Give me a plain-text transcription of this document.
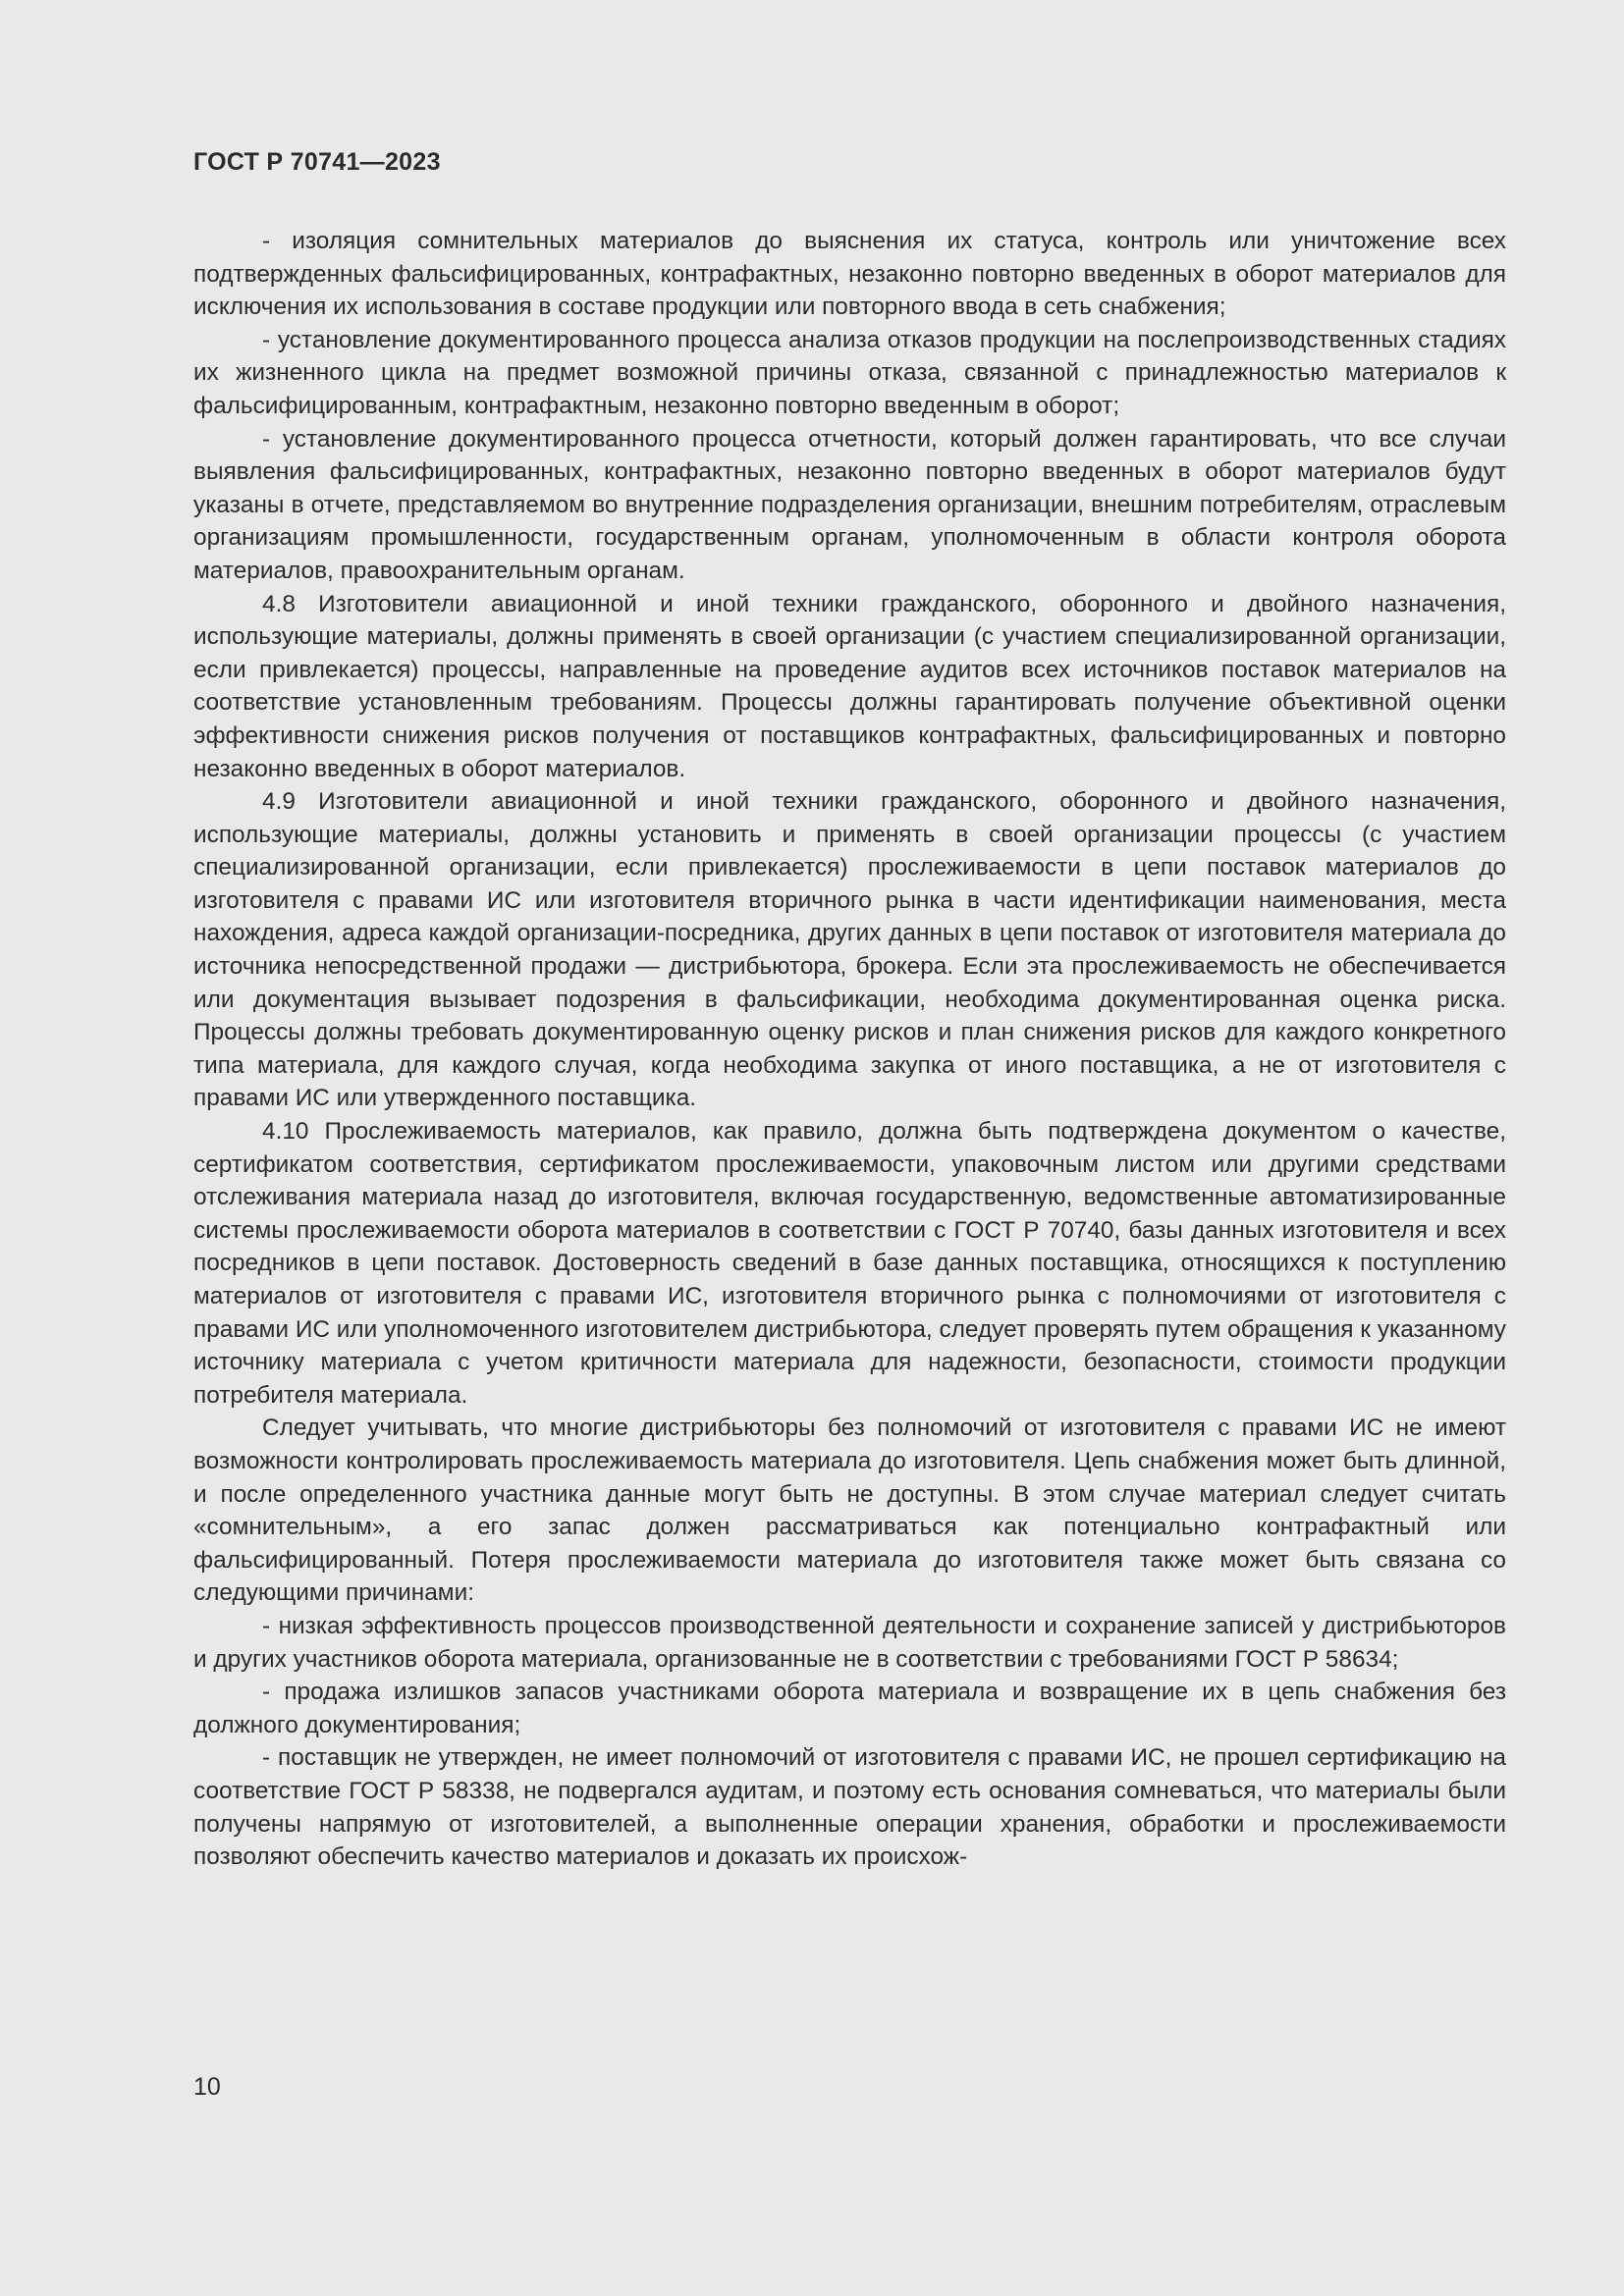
ГОСТ Р 70741—2023

- изоляция сомнительных материалов до выяснения их статуса, контроль или уничтожение всех подтвержденных фальсифицированных, контрафактных, незаконно повторно введенных в оборот материалов для исключения их использования в составе продукции или повторного ввода в сеть снабжения;

- установление документированного процесса анализа отказов продукции на послепроизводственных стадиях их жизненного цикла на предмет возможной причины отказа, связанной с принадлежностью материалов к фальсифицированным, контрафактным, незаконно повторно введенным в оборот;

- установление документированного процесса отчетности, который должен гарантировать, что все случаи выявления фальсифицированных, контрафактных, незаконно повторно введенных в оборот материалов будут указаны в отчете, представляемом во внутренние подразделения организации, внешним потребителям, отраслевым организациям промышленности, государственным органам, уполномоченным в области контроля оборота материалов, правоохранительным органам.

4.8 Изготовители авиационной и иной техники гражданского, оборонного и двойного назначения, использующие материалы, должны применять в своей организации (с участием специализированной организации, если привлекается) процессы, направленные на проведение аудитов всех источников поставок материалов на соответствие установленным требованиям. Процессы должны гарантировать получение объективной оценки эффективности снижения рисков получения от поставщиков контрафактных, фальсифицированных и повторно незаконно введенных в оборот материалов.

4.9 Изготовители авиационной и иной техники гражданского, оборонного и двойного назначения, использующие материалы, должны установить и применять в своей организации процессы (с участием специализированной организации, если привлекается) прослеживаемости в цепи поставок материалов до изготовителя с правами ИС или изготовителя вторичного рынка в части идентификации наименования, места нахождения, адреса каждой организации-посредника, других данных в цепи поставок от изготовителя материала до источника непосредственной продажи — дистрибьютора, брокера. Если эта прослеживаемость не обеспечивается или документация вызывает подозрения в фальсификации, необходима документированная оценка риска. Процессы должны требовать документированную оценку рисков и план снижения рисков для каждого конкретного типа материала, для каждого случая, когда необходима закупка от иного поставщика, а не от изготовителя с правами ИС или утвержденного поставщика.

4.10 Прослеживаемость материалов, как правило, должна быть подтверждена документом о качестве, сертификатом соответствия, сертификатом прослеживаемости, упаковочным листом или другими средствами отслеживания материала назад до изготовителя, включая государственную, ведомственные автоматизированные системы прослеживаемости оборота материалов в соответствии с ГОСТ Р 70740, базы данных изготовителя и всех посредников в цепи поставок. Достоверность сведений в базе данных поставщика, относящихся к поступлению материалов от изготовителя с правами ИС, изготовителя вторичного рынка с полномочиями от изготовителя с правами ИС или уполномоченного изготовителем дистрибьютора, следует проверять путем обращения к указанному источнику материала с учетом критичности материала для надежности, безопасности, стоимости продукции потребителя материала.

Следует учитывать, что многие дистрибьюторы без полномочий от изготовителя с правами ИС не имеют возможности контролировать прослеживаемость материала до изготовителя. Цепь снабжения может быть длинной, и после определенного участника данные могут быть не доступны. В этом случае материал следует считать «сомнительным», а его запас должен рассматриваться как потенциально контрафактный или фальсифицированный. Потеря прослеживаемости материала до изготовителя также может быть связана со следующими причинами:

- низкая эффективность процессов производственной деятельности и сохранение записей у дистрибьюторов и других участников оборота материала, организованные не в соответствии с требованиями ГОСТ Р 58634;

- продажа излишков запасов участниками оборота материала и возвращение их в цепь снабжения без должного документирования;

- поставщик не утвержден, не имеет полномочий от изготовителя с правами ИС, не прошел сертификацию на соответствие ГОСТ Р 58338, не подвергался аудитам, и поэтому есть основания сомневаться, что материалы были получены напрямую от изготовителей, а выполненные операции хранения, обработки и прослеживаемости позволяют обеспечить качество материалов и доказать их происхож-

10
